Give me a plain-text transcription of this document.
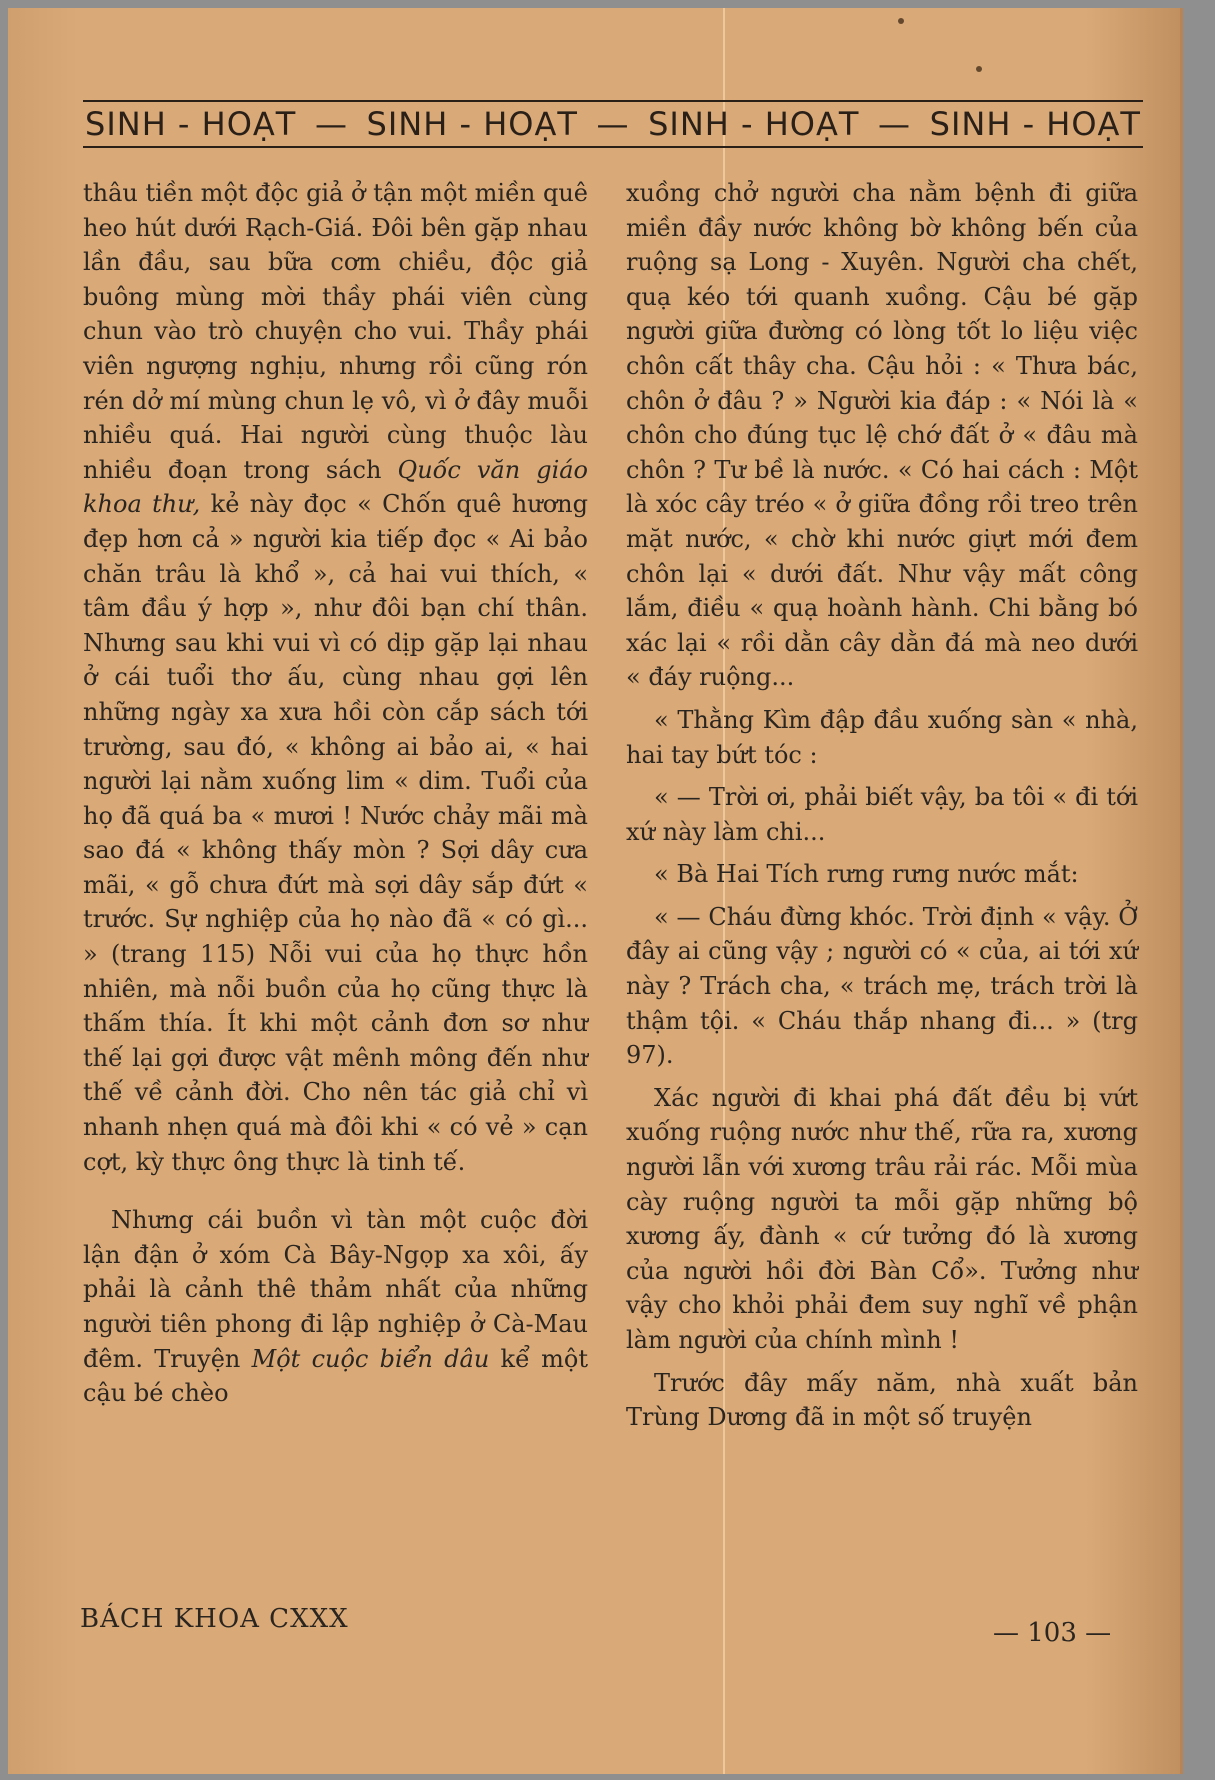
SINH - HOẠT — SINH - HOẠT — SINH - HOẠT — SINH - HOẠT

thâu tiền một độc giả ở tận một miền quê heo hút dưới Rạch-Giá. Đôi bên gặp nhau lần đầu, sau bữa cơm chiều, độc giả buông mùng mời thầy phái viên cùng chun vào trò chuyện cho vui. Thầy phái viên ngượng nghịu, nhưng rồi cũng rón rén dở mí mùng chun lẹ vô, vì ở đây muỗi nhiều quá. Hai người cùng thuộc làu nhiều đoạn trong sách Quốc văn giáo khoa thư, kẻ này đọc « Chốn quê hương đẹp hơn cả » người kia tiếp đọc « Ai bảo chăn trâu là khổ », cả hai vui thích, « tâm đầu ý hợp », như đôi bạn chí thân. Nhưng sau khi vui vì có dịp gặp lại nhau ở cái tuổi thơ ấu, cùng nhau gợi lên những ngày xa xưa hồi còn cắp sách tới trường, sau đó, « không ai bảo ai, « hai người lại nằm xuống lim « dim. Tuổi của họ đã quá ba « mươi ! Nước chảy mãi mà sao đá « không thấy mòn ? Sợi dây cưa mãi, « gỗ chưa đứt mà sợi dây sắp đứt « trước. Sự nghiệp của họ nào đã « có gì... » (trang 115) Nỗi vui của họ thực hồn nhiên, mà nỗi buồn của họ cũng thực là thấm thía. Ít khi một cảnh đơn sơ như thế lại gợi được vật mênh mông đến như thế về cảnh đời. Cho nên tác giả chỉ vì nhanh nhẹn quá mà đôi khi « có vẻ » cạn cợt, kỳ thực ông thực là tinh tế.

Nhưng cái buồn vì tàn một cuộc đời lận đận ở xóm Cà Bây-Ngọp xa xôi, ấy phải là cảnh thê thảm nhất của những người tiên phong đi lập nghiệp ở Cà-Mau đêm. Truyện Một cuộc biển dâu kể một cậu bé chèo

xuồng chở người cha nằm bệnh đi giữa miền đầy nước không bờ không bến của ruộng sạ Long - Xuyên. Người cha chết, quạ kéo tới quanh xuồng. Cậu bé gặp người giữa đường có lòng tốt lo liệu việc chôn cất thây cha. Cậu hỏi : « Thưa bác, chôn ở đâu ? » Người kia đáp : « Nói là « chôn cho đúng tục lệ chớ đất ở « đâu mà chôn ? Tư bề là nước. « Có hai cách : Một là xóc cây tréo « ở giữa đồng rồi treo trên mặt nước, « chờ khi nước giựt mới đem chôn lại « dưới đất. Như vậy mất công lắm, điều « quạ hoành hành. Chi bằng bó xác lại « rồi dằn cây dằn đá mà neo dưới « đáy ruộng...

« Thằng Kìm đập đầu xuống sàn « nhà, hai tay bứt tóc :

« — Trời ơi, phải biết vậy, ba tôi « đi tới xứ này làm chi...

« Bà Hai Tích rưng rưng nước mắt:

« — Cháu đừng khóc. Trời định « vậy. Ở đây ai cũng vậy ; người có « của, ai tới xứ này ? Trách cha, « trách mẹ, trách trời là thậm tội. « Cháu thắp nhang đi... » (trg 97).

Xác người đi khai phá đất đều bị vứt xuống ruộng nước như thế, rữa ra, xương người lẫn với xương trâu rải rác. Mỗi mùa cày ruộng người ta mỗi gặp những bộ xương ấy, đành « cứ tưởng đó là xương của người hồi đời Bàn Cổ». Tưởng như vậy cho khỏi phải đem suy nghĩ về phận làm người của chính mình !

Trước đây mấy năm, nhà xuất bản Trùng Dương đã in một số truyện

BÁCH KHOA CXXX	— 103 —
